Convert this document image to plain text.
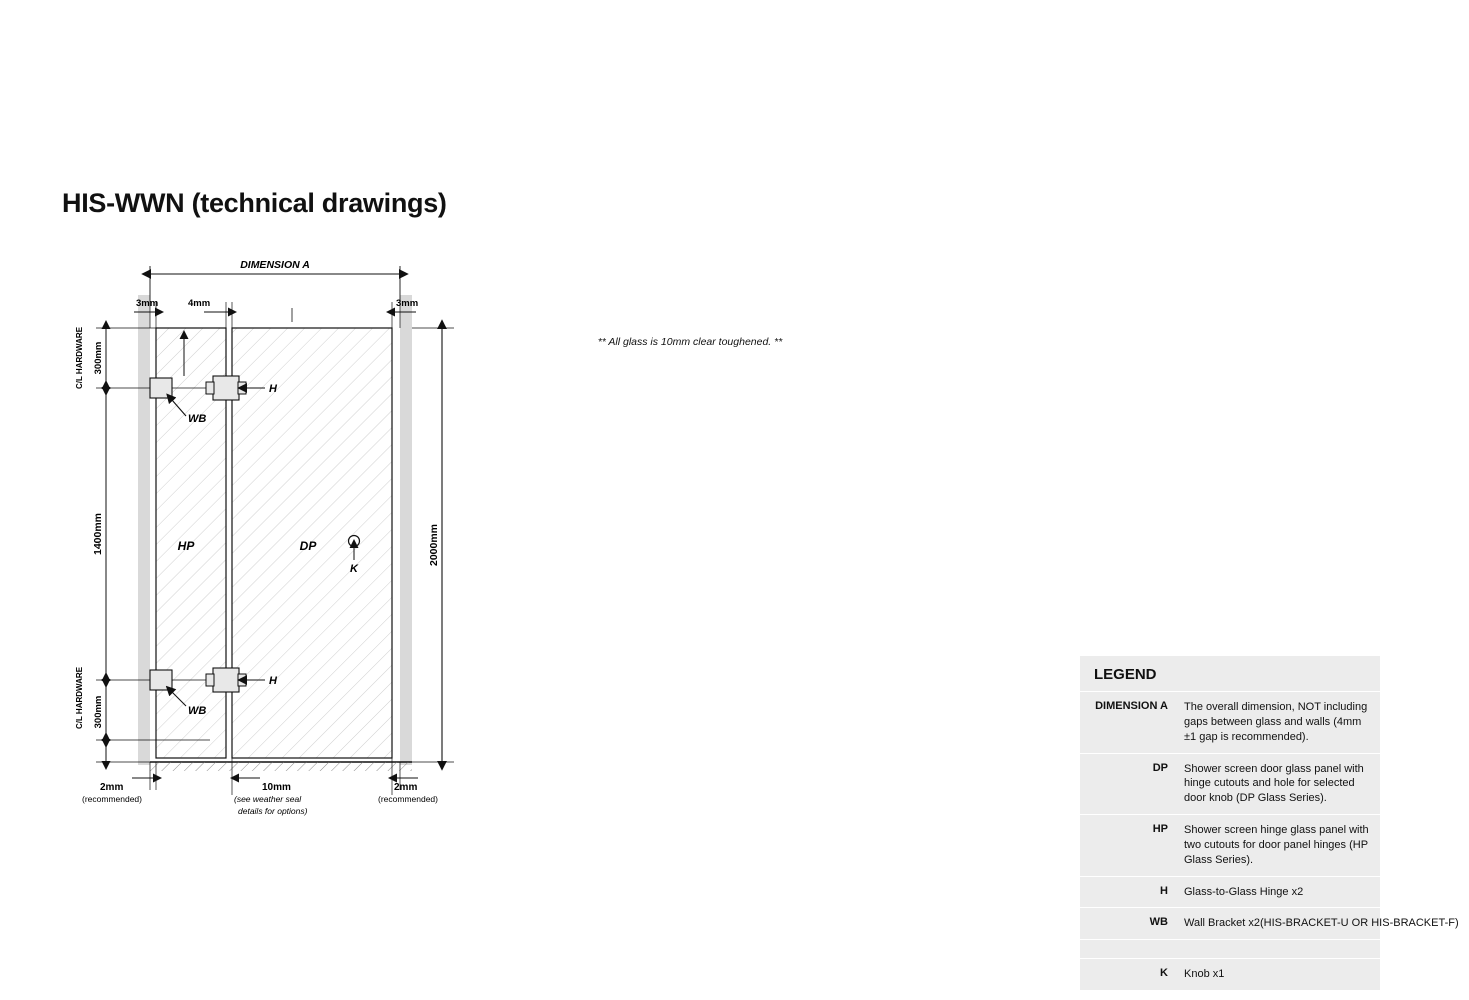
HIS-WWN (technical drawings)
DIMENSION A
3mm	4mm	3mm
2000mm
300mm
C/L HARDWARE
1400mm
300mm
C/L HARDWARE
H
WB
H
WB
HP	DP
K
2mm
(recommended)
10mm
(see weather seal
details for options)
2mm
(recommended)
LEGEND
DIMENSION A	The overall dimension, NOT including gaps between glass and walls (4mm ±1 gap is recommended).
DP	Shower screen door glass panel with hinge cutouts and hole for selected door knob (DP Glass Series).
HP	Shower screen hinge glass panel with two cutouts for door panel hinges (HP Glass Series).
H	Glass-to-Glass Hinge x2
WB	Wall Bracket x2(HIS-BRACKET-U OR HIS-BRACKET-F)
K	Knob x1
** All glass is 10mm clear toughened. **
